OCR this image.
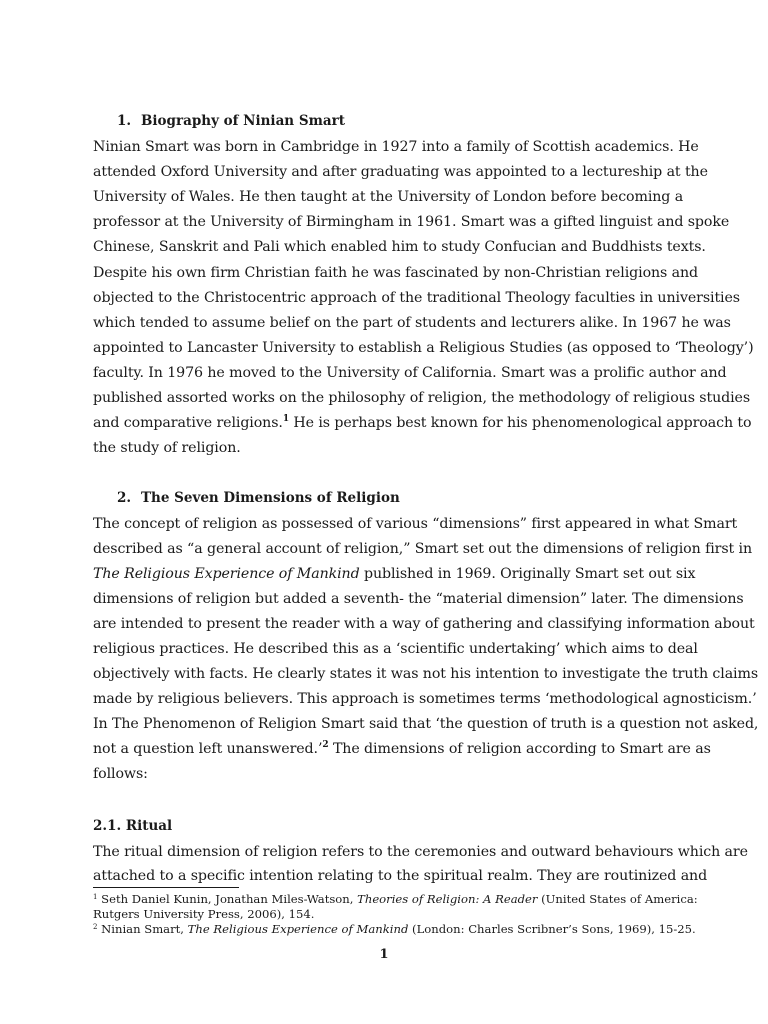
1. Biography of Ninian Smart
Ninian Smart was born in Cambridge in 1927 into a family of Scottish academics. He
attended Oxford University and after graduating was appointed to a lectureship at the
University of Wales. He then taught at the University of London before becoming a
professor at the University of Birmingham in 1961. Smart was a gifted linguist and spoke
Chinese, Sanskrit and Pali which enabled him to study Confucian and Buddhists texts.
Despite his own firm Christian faith he was fascinated by non-Christian religions and
objected to the Christocentric approach of the traditional Theology faculties in universities
which tended to assume belief on the part of students and lecturers alike. In 1967 he was
appointed to Lancaster University to establish a Religious Studies (as opposed to ‘Theology’)
faculty. In 1976 he moved to the University of California. Smart was a prolific author and
published assorted works on the philosophy of religion, the methodology of religious studies
and comparative religions.$^1$ He is perhaps best known for his phenomenological approach to
the study of religion.
2. The Seven Dimensions of Religion
The concept of religion as possessed of various “dimensions” first appeared in what Smart
described as “a general account of religion,” Smart set out the dimensions of religion first in
The Religious Experience of Mankind published in 1969. Originally Smart set out six
dimensions of religion but added a seventh- the “material dimension” later. The dimensions
are intended to present the reader with a way of gathering and classifying information about
religious practices. He described this as a ‘scientific undertaking’ which aims to deal
objectively with facts. He clearly states it was not his intention to investigate the truth claims
made by religious believers. This approach is sometimes terms ‘methodological agnosticism.’
In The Phenomenon of Religion Smart said that ‘the question of truth is a question not asked,
not a question left unanswered.’$^2$ The dimensions of religion according to Smart are as
follows:
2.1. Ritual
The ritual dimension of religion refers to the ceremonies and outward behaviours which are
attached to a specific intention relating to the spiritual realm. They are routinized and
$^1$ Seth Daniel Kunin, Jonathan Miles-Watson, Theories of Religion: A Reader (United States of America:
Rutgers University Press, 2006), 154.
$^2$ Ninian Smart, The Religious Experience of Mankind (London: Charles Scribner’s Sons, 1969), 15-25.
1
